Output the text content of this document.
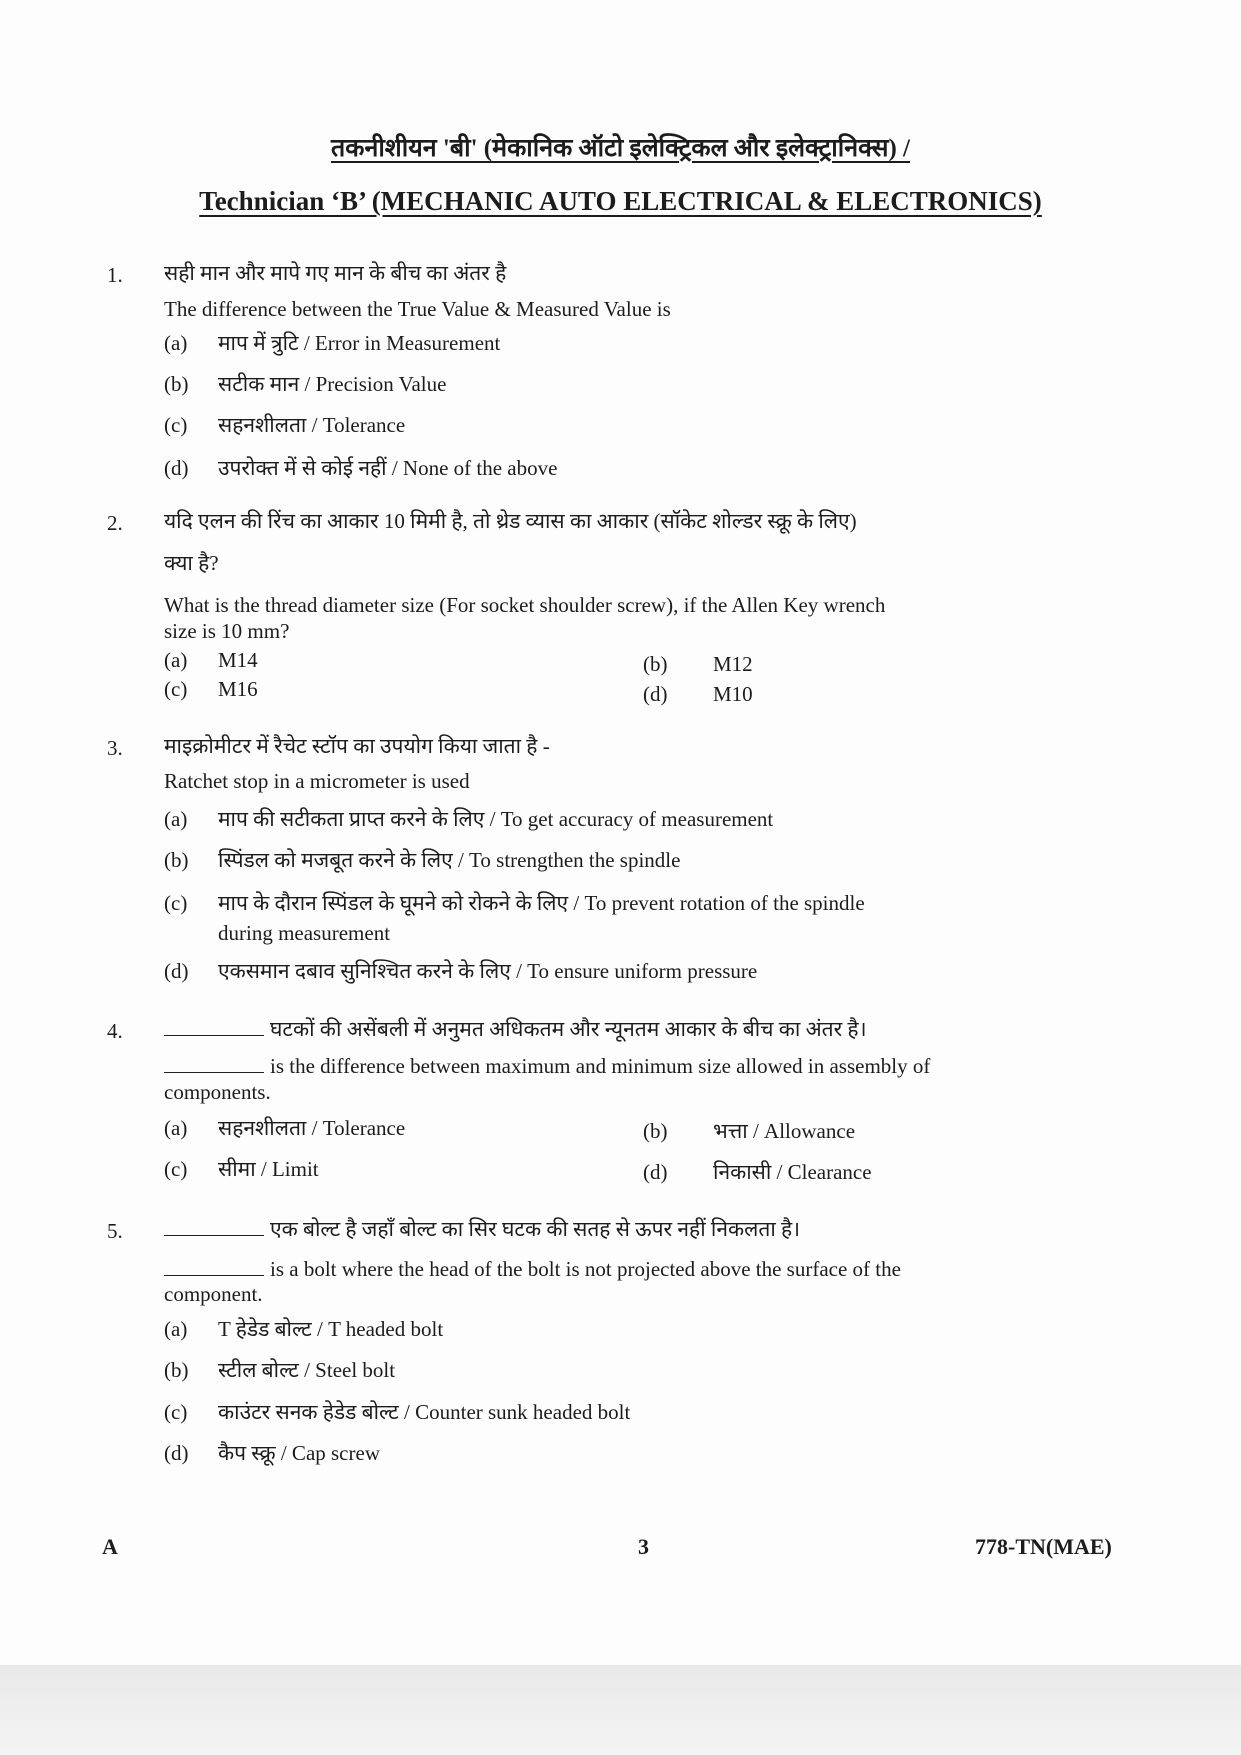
तकनीशीयन 'बी' (मेकानिक ऑटो इलेक्ट्रिकल और इलेक्ट्रानिक्स) /
Technician ‘B’ (MECHANIC AUTO ELECTRICAL & ELECTRONICS)
1. सही मान और मापे गए मान के बीच का अंतर है
The difference between the True Value & Measured Value is
(a) माप में त्रुटि / Error in Measurement
(b) सटीक मान / Precision Value
(c) सहनशीलता / Tolerance
(d) उपरोक्त में से कोई नहीं / None of the above
2. यदि एलन की रिंच का आकार 10 मिमी है, तो थ्रेड व्यास का आकार (सॉकेट शोल्डर स्क्रू के लिए)
क्या है?
What is the thread diameter size (For socket shoulder screw), if the Allen Key wrench
size is 10 mm?
(a) M14	(b) M12
(c) M16	(d) M10
3. माइक्रोमीटर में रैचेट स्टॉप का उपयोग किया जाता है -
Ratchet stop in a micrometer is used
(a) माप की सटीकता प्राप्त करने के लिए / To get accuracy of measurement
(b) स्पिंडल को मजबूत करने के लिए / To strengthen the spindle
(c) माप के दौरान स्पिंडल के घूमने को रोकने के लिए / To prevent rotation of the spindle
during measurement
(d) एकसमान दबाव सुनिश्चित करने के लिए / To ensure uniform pressure
4.	घटकों की असेंबली में अनुमत अधिकतम और न्यूनतम आकार के बीच का अंतर है।
is the difference between maximum and minimum size allowed in assembly of
components.
(a) सहनशीलता / Tolerance	(b) भत्ता / Allowance
(c) सीमा / Limit	(d) निकासी / Clearance
5.	एक बोल्ट है जहाँ बोल्ट का सिर घटक की सतह से ऊपर नहीं निकलता है।
is a bolt where the head of the bolt is not projected above the surface of the
component.
(a) T हेडेड बोल्ट / T headed bolt
(b) स्टील बोल्ट / Steel bolt
(c) काउंटर सनक हेडेड बोल्ट / Counter sunk headed bolt
(d) कैप स्क्रू / Cap screw
A	3	778-TN(MAE)
